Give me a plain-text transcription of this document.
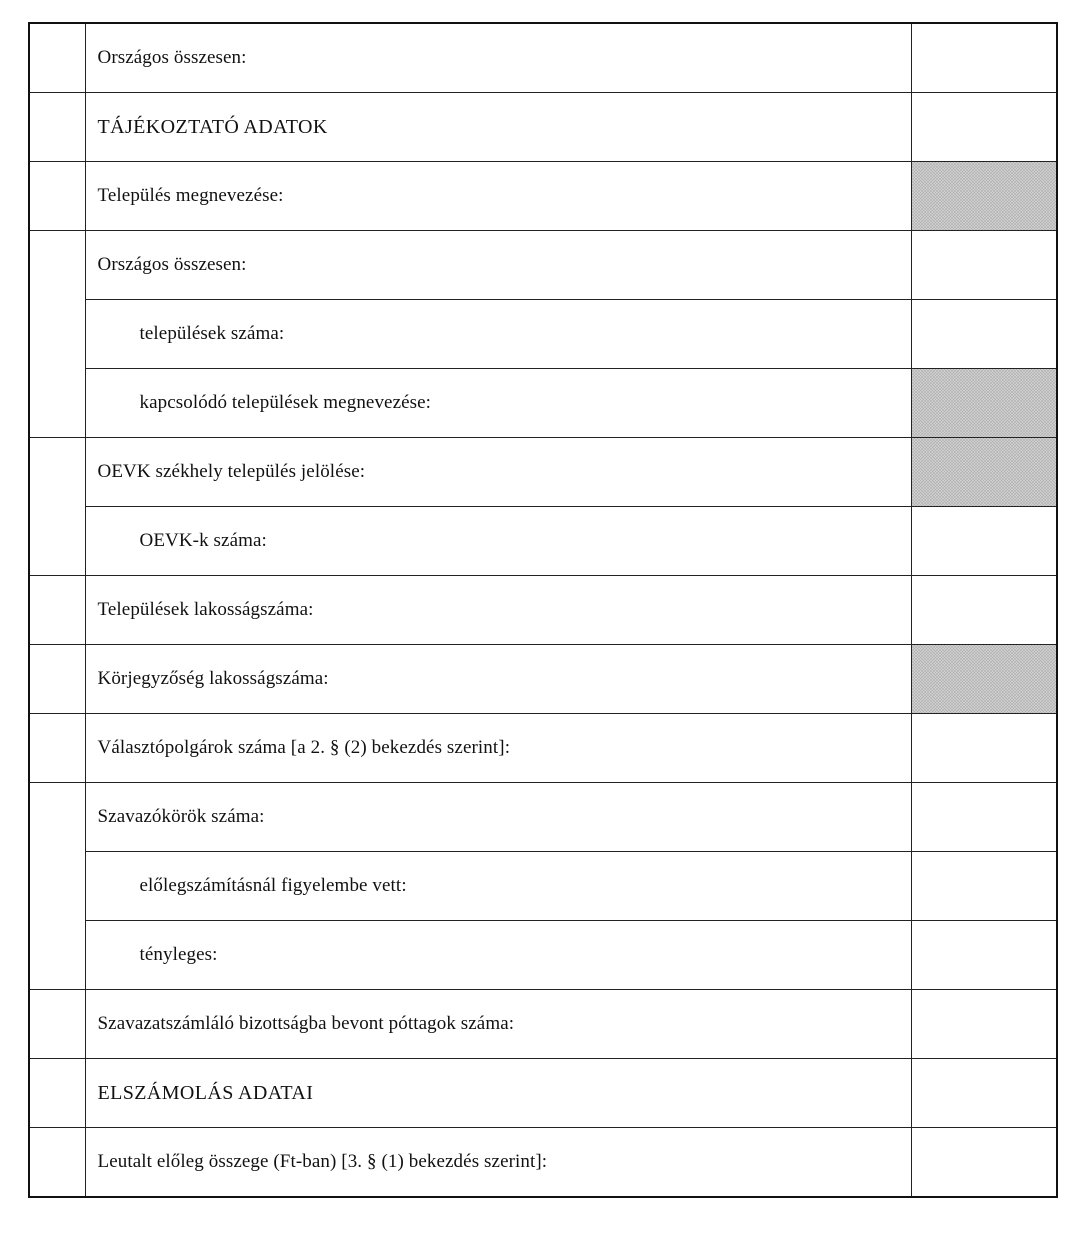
	Országos összesen:	
	TÁJÉKOZTATÓ ADATOK	
	Település megnevezése:	
	Országos összesen:	
	települések száma:	
	kapcsolódó települések megnevezése:	
	OEVK székhely település jelölése:	
	OEVK-k száma:	
	Települések lakosságszáma:	
	Körjegyzőség lakosságszáma:	
	Választópolgárok száma [a 2. § (2) bekezdés szerint]:	
	Szavazókörök száma:	
	előlegszámításnál figyelembe vett:	
	tényleges:	
	Szavazatszámláló bizottságba bevont póttagok száma:	
	ELSZÁMOLÁS ADATAI	
	Leutalt előleg összege (Ft-ban) [3. § (1) bekezdés szerint]:	
